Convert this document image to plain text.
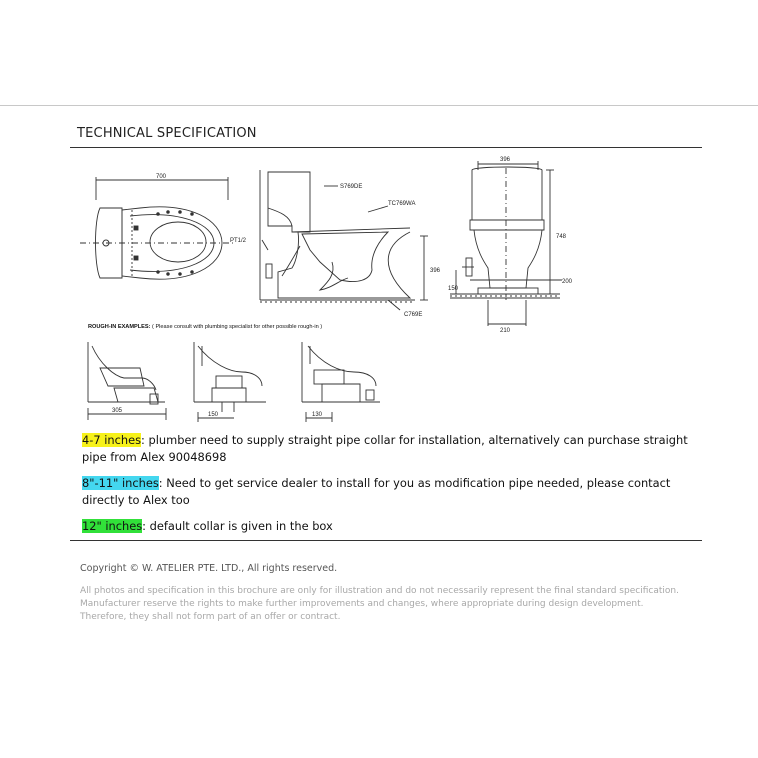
TECHNICAL SPECIFICATION
700
S769DE
TC769WA
PT1/2
C769E
396
396
748
200
150
210
305
150	130
ROUGH-IN EXAMPLES: ( Please consult with plumbing specialist for other possible rough-in )

4-7 inches: plumber need to supply straight pipe collar for installation, alternatively can purchase straight pipe from Alex 90048698

8"-11" inches: Need to get service dealer to install for you as modification pipe needed, please contact directly to Alex too

12" inches: default collar is given in the box

Copyright © W. ATELIER PTE. LTD., All rights reserved.
All photos and specification in this brochure are only for illustration and do not necessarily represent the final standard specification. Manufacturer reserve the rights to make further improvements and changes, where appropriate during design development. Therefore, they shall not form part of an offer or contract.
